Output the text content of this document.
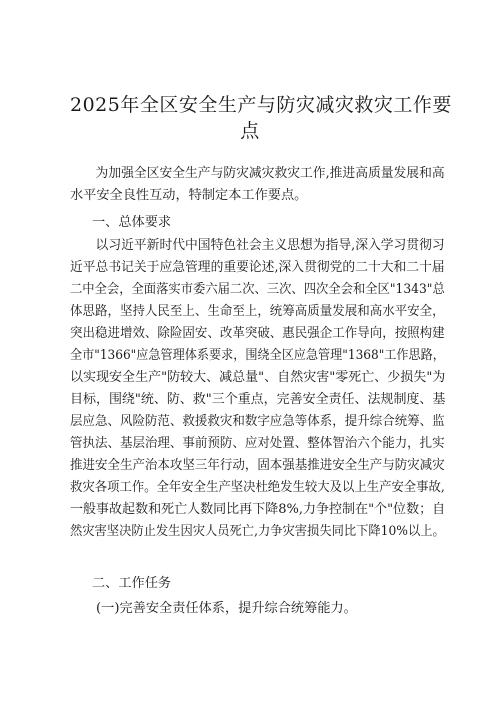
2025年全区安全生产与防灾减灾救灾工作要
点

　　为加强全区安全生产与防灾减灾救灾工作,推进高质量发展和高
水平安全良性互动，特制定本工作要点。

一、总体要求

　　以习近平新时代中国特色社会主义思想为指导,深入学习贯彻习
近平总书记关于应急管理的重要论述,深入贯彻党的二十大和二十届
二中全会，全面落实市委六届二次、三次、四次全会和全区"1343"总
体思路，坚持人民至上、生命至上，统筹高质量发展和高水平安全，
突出稳进增效、除险固安、改革突破、惠民强企工作导向，按照构建
全市"1366"应急管理体系要求，围绕全区应急管理"1368"工作思路，
以实现安全生产"防较大、减总量"、自然灾害"零死亡、少损失"为
目标，围绕"统、防、救"三个重点，完善安全责任、法规制度、基
层应急、风险防范、救援救灾和数字应急等体系，提升综合统筹、监
管执法、基层治理、事前预防、应对处置、整体智治六个能力，扎实
推进安全生产治本攻坚三年行动，固本强基推进安全生产与防灾减灾
救灾各项工作。全年安全生产坚决杜绝发生较大及以上生产安全事故,
一般事故起数和死亡人数同比再下降8%,力争控制在"个"位数；自
然灾害坚决防止发生因灾人员死亡,力争灾害损失同比下降10%以上。

二、工作任务
(一)完善安全责任体系，提升综合统筹能力。
